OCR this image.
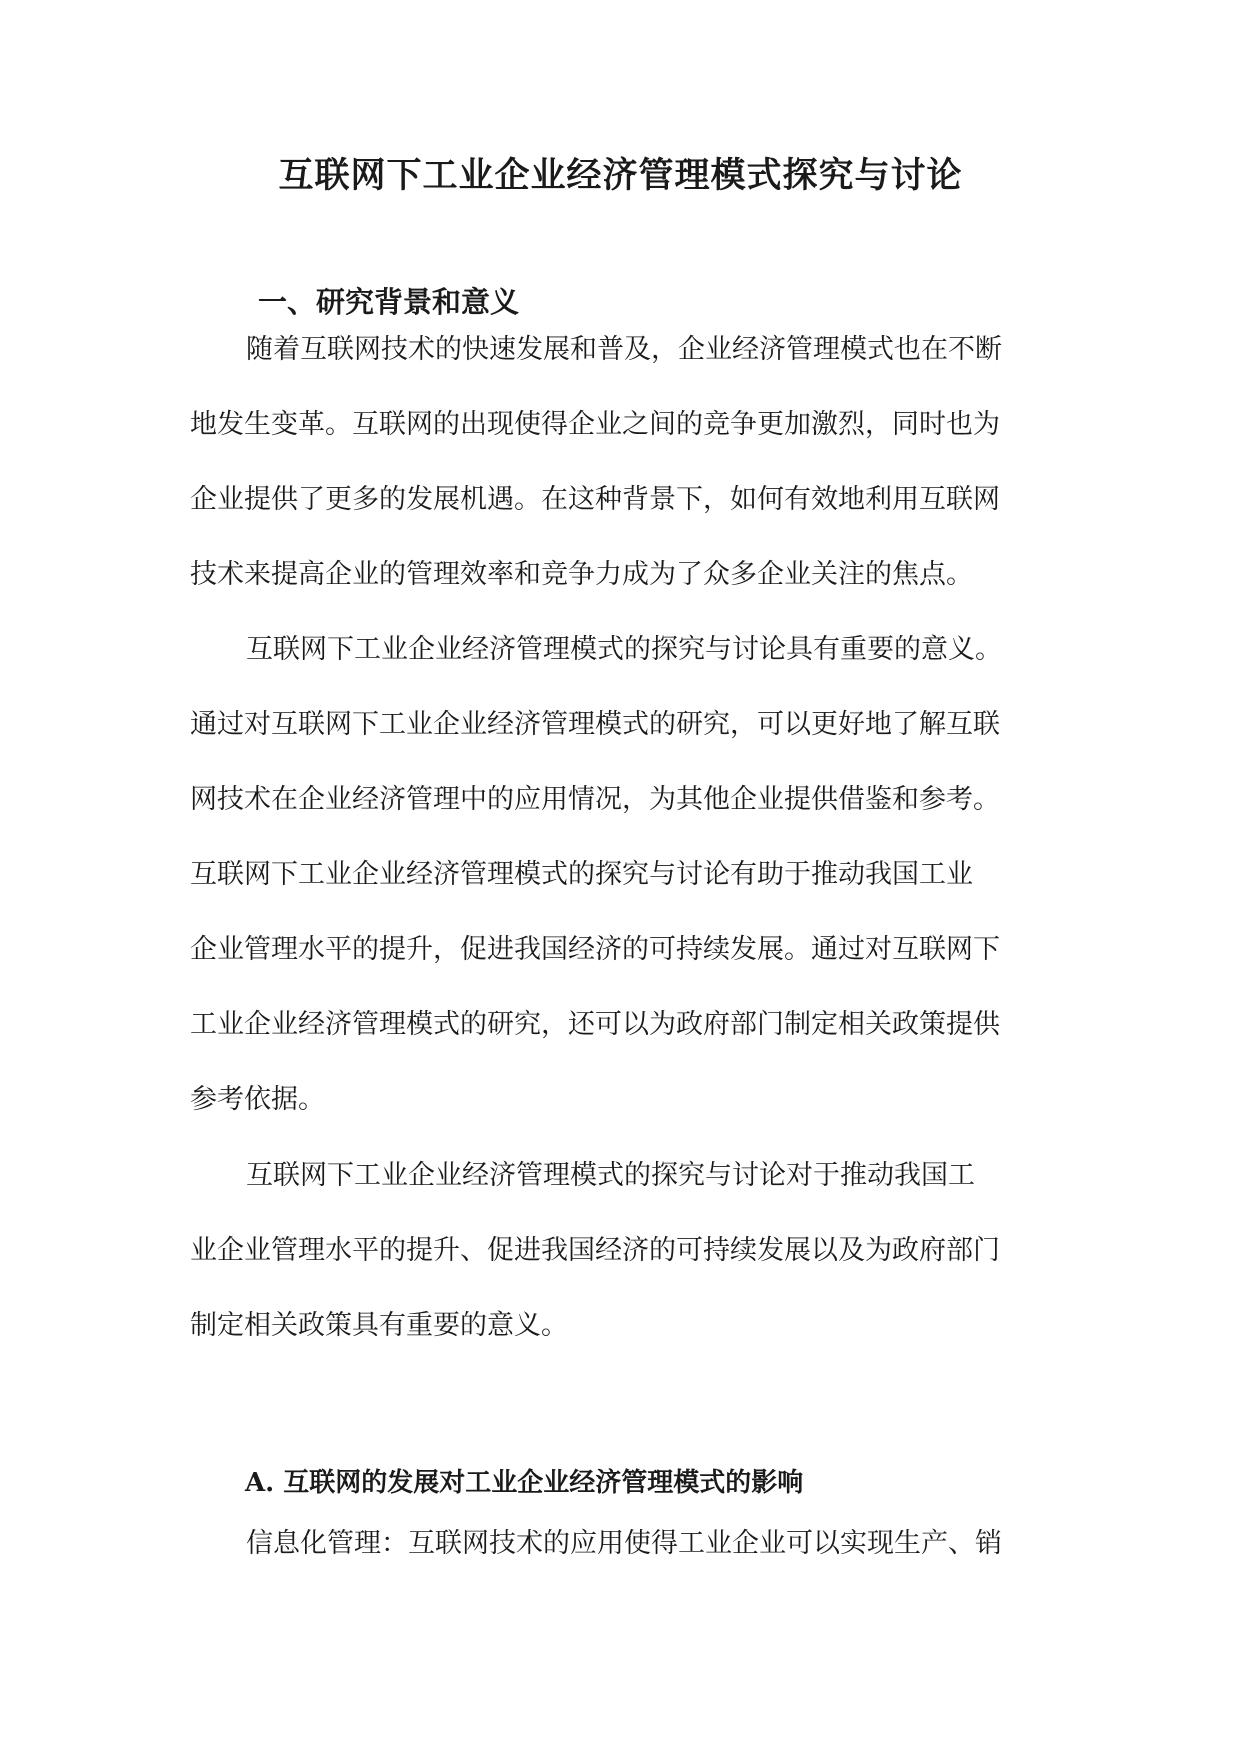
互联网下工业企业经济管理模式探究与讨论
一、研究背景和意义
随着互联网技术的快速发展和普及，企业经济管理模式也在不断
地发生变革。互联网的出现使得企业之间的竞争更加激烈，同时也为
企业提供了更多的发展机遇。在这种背景下，如何有效地利用互联网
技术来提高企业的管理效率和竞争力成为了众多企业关注的焦点。
互联网下工业企业经济管理模式的探究与讨论具有重要的意义。
通过对互联网下工业企业经济管理模式的研究，可以更好地了解互联
网技术在企业经济管理中的应用情况，为其他企业提供借鉴和参考。
互联网下工业企业经济管理模式的探究与讨论有助于推动我国工业
企业管理水平的提升，促进我国经济的可持续发展。通过对互联网下
工业企业经济管理模式的研究，还可以为政府部门制定相关政策提供
参考依据。
互联网下工业企业经济管理模式的探究与讨论对于推动我国工
业企业管理水平的提升、促进我国经济的可持续发展以及为政府部门
制定相关政策具有重要的意义。
A. 互联网的发展对工业企业经济管理模式的影响
信息化管理：互联网技术的应用使得工业企业可以实现生产、销
